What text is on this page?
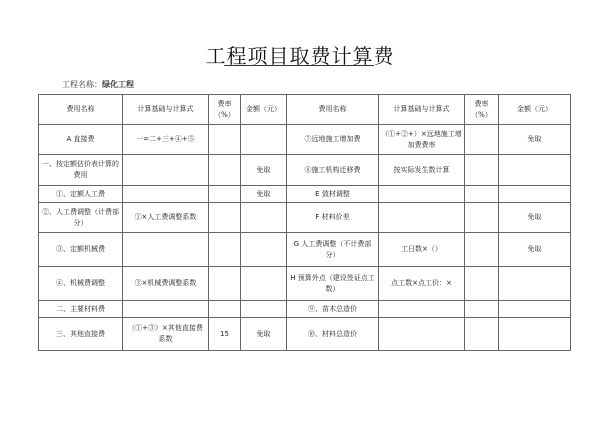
工程项目取费计算费
工程名称：绿化工程
费用名称	计算基础与计算式	费率（%）	金额（元）	费用名称	计算基础与计算式	费率（%）	金额（元）
A 直接费	一=二+三+④+⑤			⑦远地施工增加费	（①+②+）×远地施工增加费费率		免取
一、按定额估价表计算的费用			免取	⑧施工机构迁移费	按实际发生数计算		
①、定额人工费			免取	E 敛材调整			
②、人工费调整（计费部分）	①×人工费调整系数			F 材料价差			免取
③、定额机械费				G 人工费调整（不计费部分）	工日数×（）		免取
④、机械费调整	③×机械费调整系数			H 预算外点（建设签证点工数）	点工数×点工价：×		
二、主要材料费				⑨、苗木总造价			
三、其他直接费	（①+③）×其他直接费系数	15	免取	⑩、材料总造价			
